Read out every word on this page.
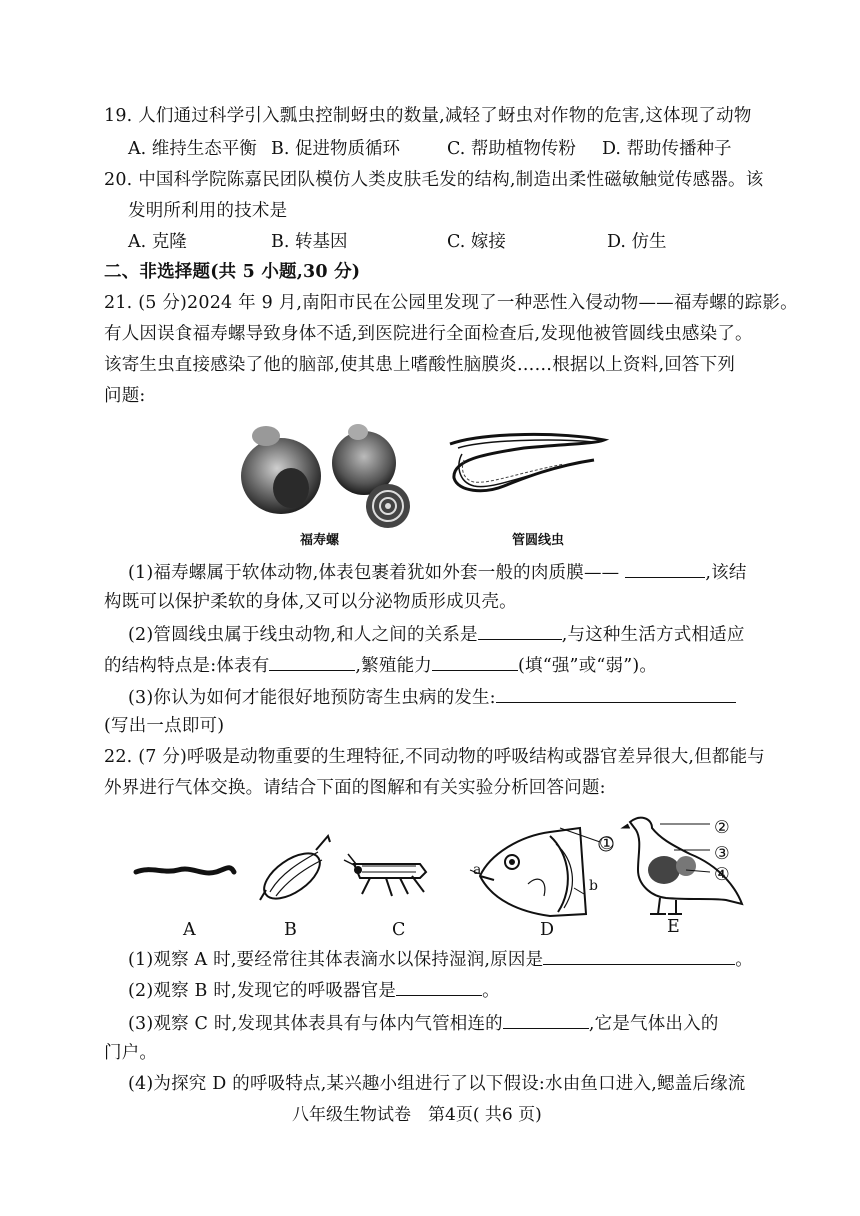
19. 人们通过科学引入瓢虫控制蚜虫的数量,减轻了蚜虫对作物的危害,这体现了动物
A. 维持生态平衡 B. 促进物质循环	C. 帮助植物传粉 D. 帮助传播种子
20. 中国科学院陈嘉民团队模仿人类皮肤毛发的结构,制造出柔性磁敏触觉传感器。该
发明所利用的技术是
A. 克隆	B. 转基因	C. 嫁接	D. 仿生
二、非选择题(共 5 小题,30 分)
21. (5 分)2024 年 9 月,南阳市民在公园里发现了一种恶性入侵动物——福寿螺的踪影。
有人因误食福寿螺导致身体不适,到医院进行全面检查后,发现他被管圆线虫感染了。
该寄生虫直接感染了他的脑部,使其患上嗜酸性脑膜炎……根据以上资料,回答下列
问题:
福寿螺	管圆线虫
(1)福寿螺属于软体动物,体表包裹着犹如外套一般的肉质膜——	,该结
构既可以保护柔软的身体,又可以分泌物质形成贝壳。
(2)管圆线虫属于线虫动物,和人之间的关系是	,与这种生活方式相适应
的结构特点是:体表有	,繁殖能力	(填“强”或“弱”)。
(3)你认为如何才能很好地预防寄生虫病的发生:
(写出一点即可)
22. (7 分)呼吸是动物重要的生理特征,不同动物的呼吸结构或器官差异很大,但都能与
外界进行气体交换。请结合下面的图解和有关实验分析回答问题:
a
b
①
②
③
④
A	B	C	D	E
(1)观察 A 时,要经常往其体表滴水以保持湿润,原因是	。
(2)观察 B 时,发现它的呼吸器官是	。
(3)观察 C 时,发现其体表具有与体内气管相连的	,它是气体出入的
门户。
(4)为探究 D 的呼吸特点,某兴趣小组进行了以下假设:水由鱼口进入,鳃盖后缘流
八年级生物试卷　第4页( 共6 页)
